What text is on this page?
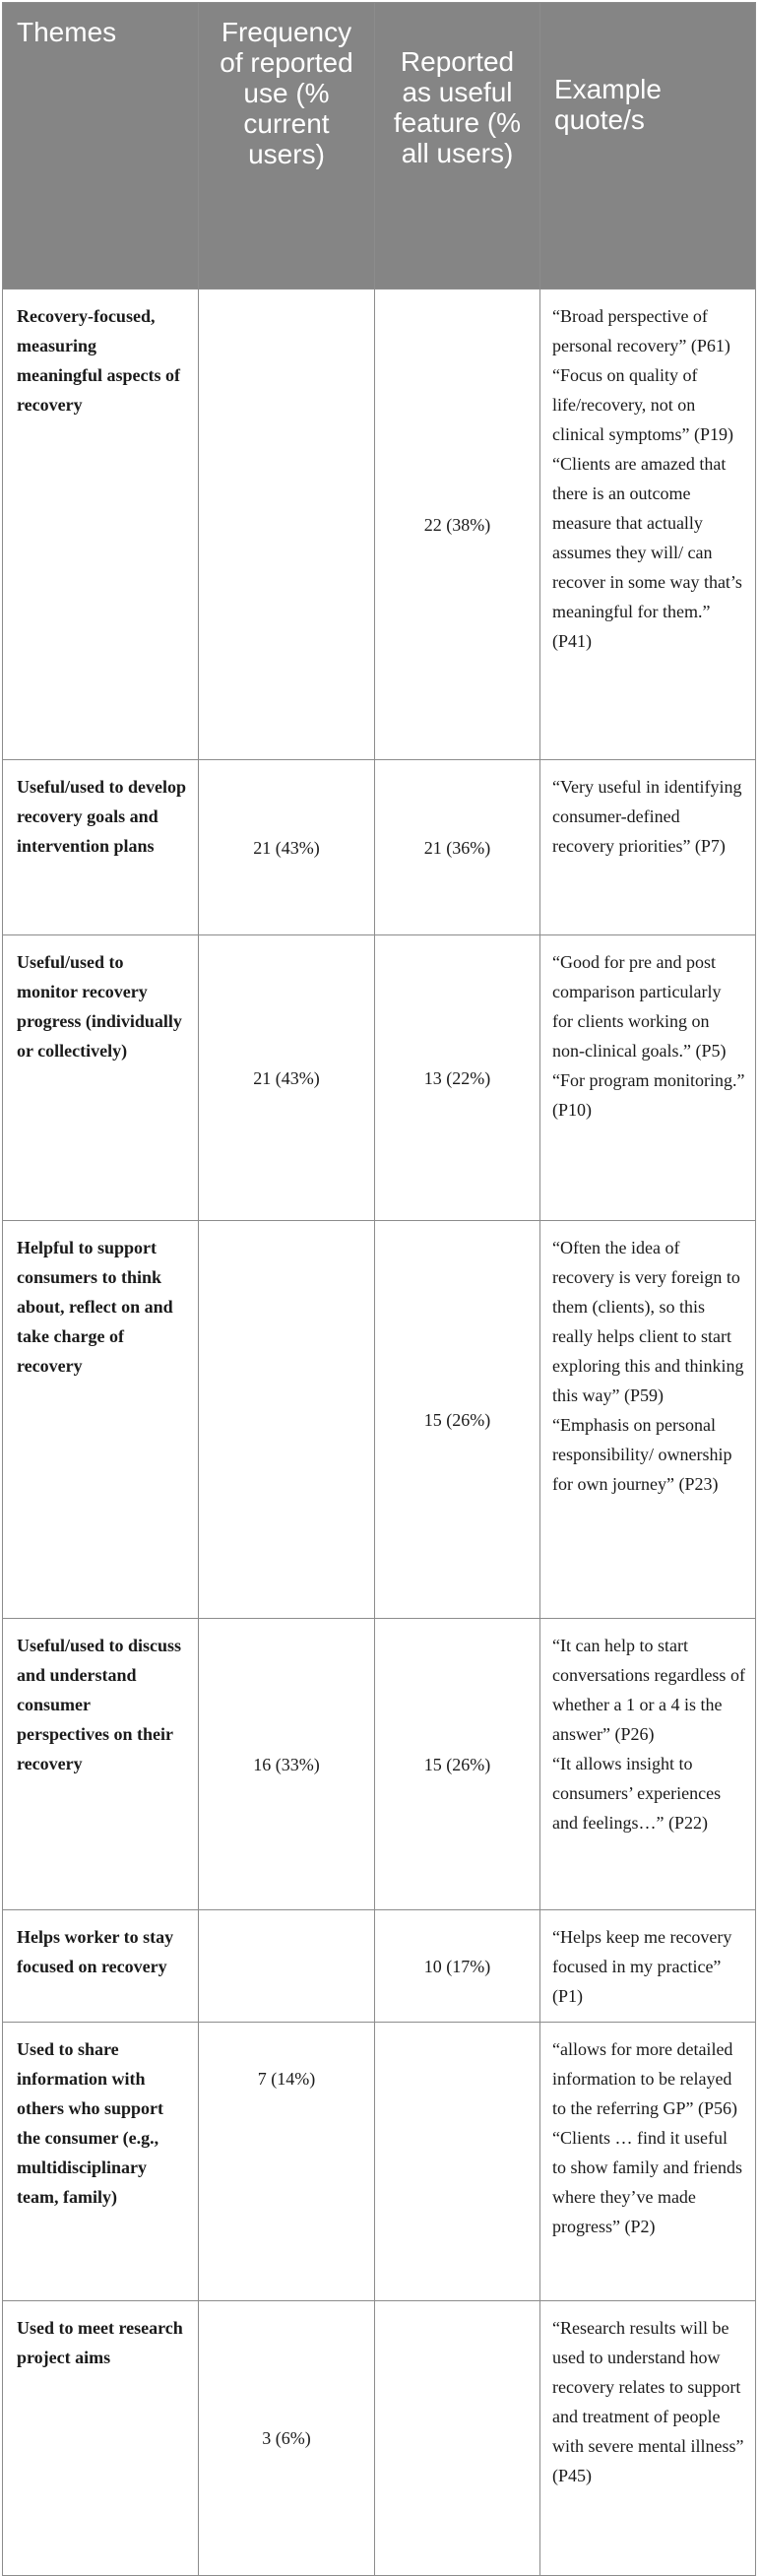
Themes	Frequency of reported use (% current users)	Reported as useful feature (% all users)	Example quote/s
Recovery-focused, measuring meaningful aspects of recovery		22 (38%)	“Broad perspective of personal recovery” (P61)
“Focus on quality of life/recovery, not on clinical symptoms” (P19)
“Clients are amazed that there is an outcome measure that actually assumes they will/ can recover in some way that’s meaningful for them.” (P41)

Useful/used to develop recovery goals and intervention plans	21 (43%)	21 (36%)	“Very useful in identifying consumer-defined recovery priorities” (P7)

Useful/used to monitor recovery progress (individually or collectively)	21 (43%)	13 (22%)	“Good for pre and post comparison particularly for clients working on non-clinical goals.” (P5)
“For program monitoring.” (P10)

Helpful to support consumers to think about, reflect on and take charge of recovery		15 (26%)	“Often the idea of recovery is very foreign to them (clients), so this really helps client to start exploring this and thinking this way” (P59)
“Emphasis on personal responsibility/ ownership for own journey” (P23)

Useful/used to discuss and understand consumer perspectives on their recovery	16 (33%)	15 (26%)	“It can help to start conversations regardless of whether a 1 or a 4 is the answer” (P26)
“It allows insight to consumers’ experiences and feelings…” (P22)

Helps worker to stay focused on recovery		10 (17%)	“Helps keep me recovery focused in my practice” (P1)

Used to share information with others who support the consumer (e.g., multidisciplinary team, family)	7 (14%)		“allows for more detailed information to be relayed to the referring GP” (P56)
“Clients … find it useful to show family and friends where they’ve made progress” (P2)

Used to meet research project aims	3 (6%)		“Research results will be used to understand how recovery relates to support and treatment of people with severe mental illness” (P45)
